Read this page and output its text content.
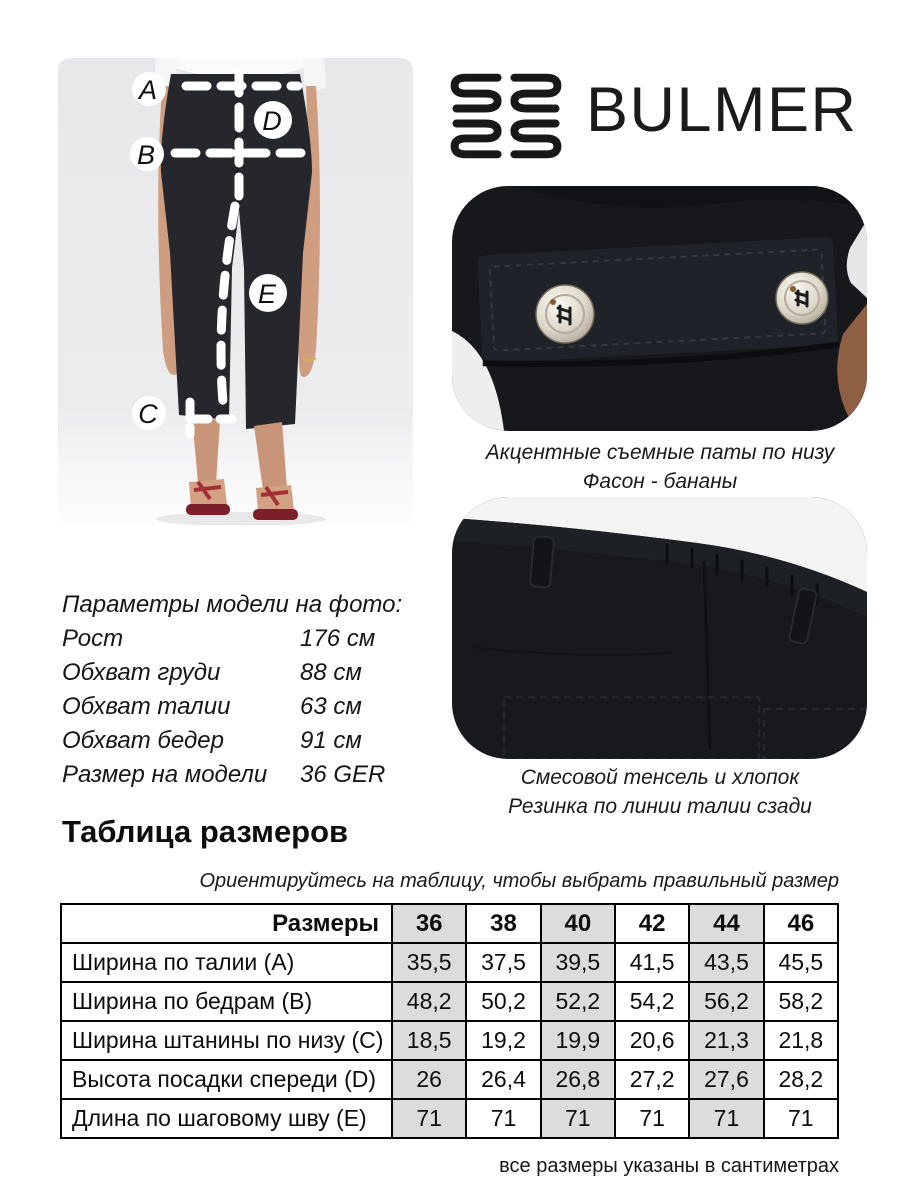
A
B
C
D
E
BULMER
Акцентные съемные паты по низу
Фасон - бананы
Смесовой тенсель и хлопок
Резинка по линии талии сзади
Параметры модели на фото:
Рост	176 см
Обхват груди	88 см
Обхват талии	63 см
Обхват бедер	91 см
Размер на модели	36 GER
Таблица размеров
Ориентируйтесь на таблицу, чтобы выбрать правильный размер
Размеры	36	38	40	42	44	46
Ширина по талии (A)	35,5	37,5	39,5	41,5	43,5	45,5
Ширина по бедрам (B)	48,2	50,2	52,2	54,2	56,2	58,2
Ширина штанины по низу (C)	18,5	19,2	19,9	20,6	21,3	21,8
Высота посадки спереди (D)	26	26,4	26,8	27,2	27,6	28,2
Длина по шаговому шву (E)	71	71	71	71	71	71
все размеры указаны в сантиметрах
